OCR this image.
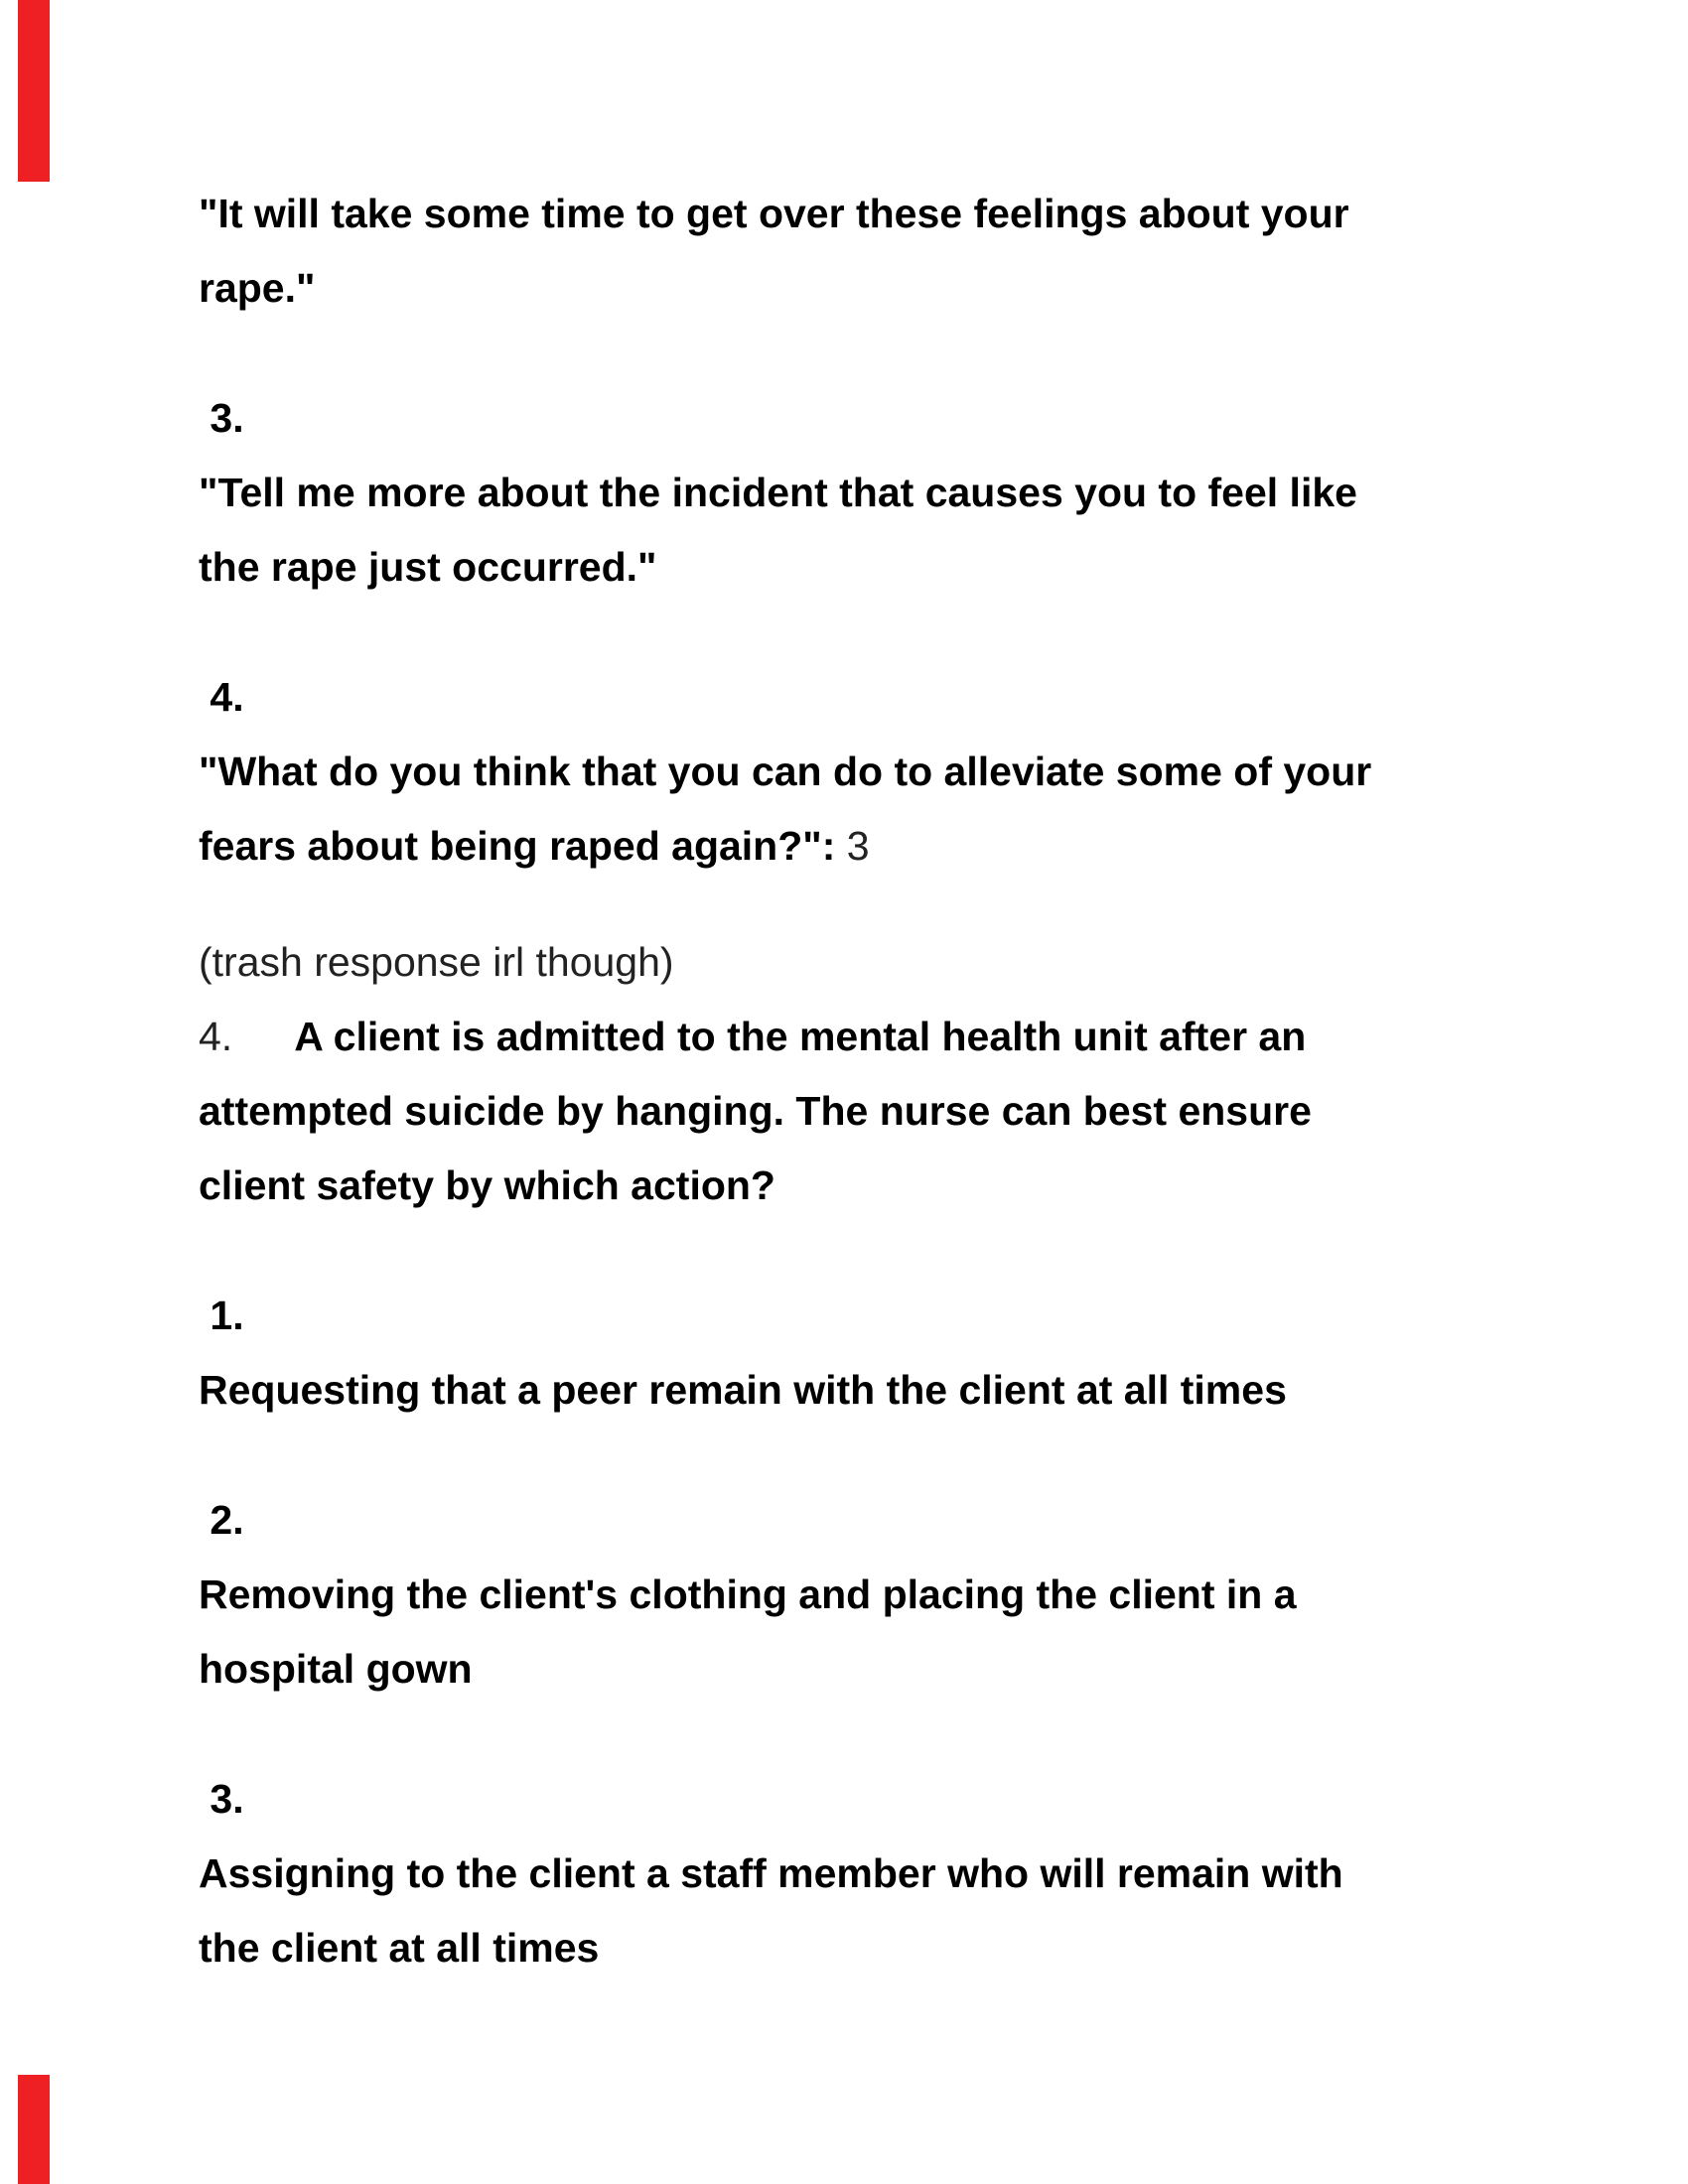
"It will take some time to get over these feelings about your
rape."
3.
"Tell me more about the incident that causes you to feel like
the rape just occurred."
4.
"What do you think that you can do to alleviate some of your
fears about being raped again?": 3
(trash response irl though)
4. A client is admitted to the mental health unit after an
attempted suicide by hanging. The nurse can best ensure
client safety by which action?
1.
Requesting that a peer remain with the client at all times
2.
Removing the client's clothing and placing the client in a
hospital gown
3.
Assigning to the client a staff member who will remain with
the client at all times
